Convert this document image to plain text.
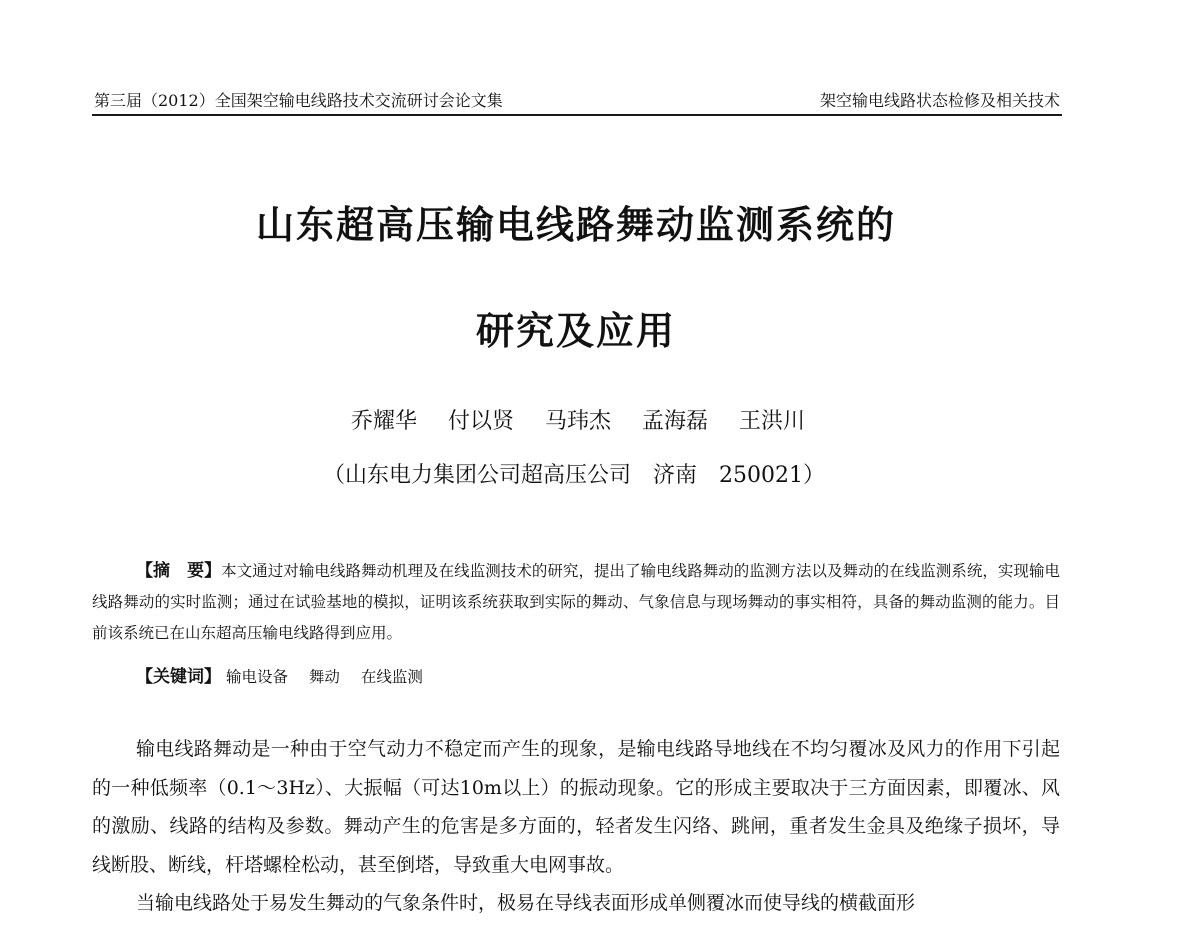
第三届（2012）全国架空输电线路技术交流研讨会论文集	架空输电线路状态检修及相关技术
山东超高压输电线路舞动监测系统的
研究及应用
乔耀华 付以贤 马玮杰 孟海磊 王洪川
（山东电力集团公司超高压公司　济南　250021）
【摘　要】本文通过对输电线路舞动机理及在线监测技术的研究，提出了输电线路舞动的监测方法以及舞动的在线监测系统，实现输电线路舞动的实时监测；通过在试验基地的模拟，证明该系统获取到实际的舞动、气象信息与现场舞动的事实相符，具备的舞动监测的能力。目前该系统已在山东超高压输电线路得到应用。
【关键词】 输电设备 舞动 在线监测

输电线路舞动是一种由于空气动力不稳定而产生的现象，是输电线路导地线在不均匀覆冰及风力的作用下引起的一种低频率（0.1～3Hz）、大振幅（可达10m以上）的振动现象。它的形成主要取决于三方面因素，即覆冰、风的激励、线路的结构及参数。舞动产生的危害是多方面的，轻者发生闪络、跳闸，重者发生金具及绝缘子损坏，导线断股、断线，杆塔螺栓松动，甚至倒塔，导致重大电网事故。

当输电线路处于易发生舞动的气象条件时，极易在导线表面形成单侧覆冰而使导线的横截面形
